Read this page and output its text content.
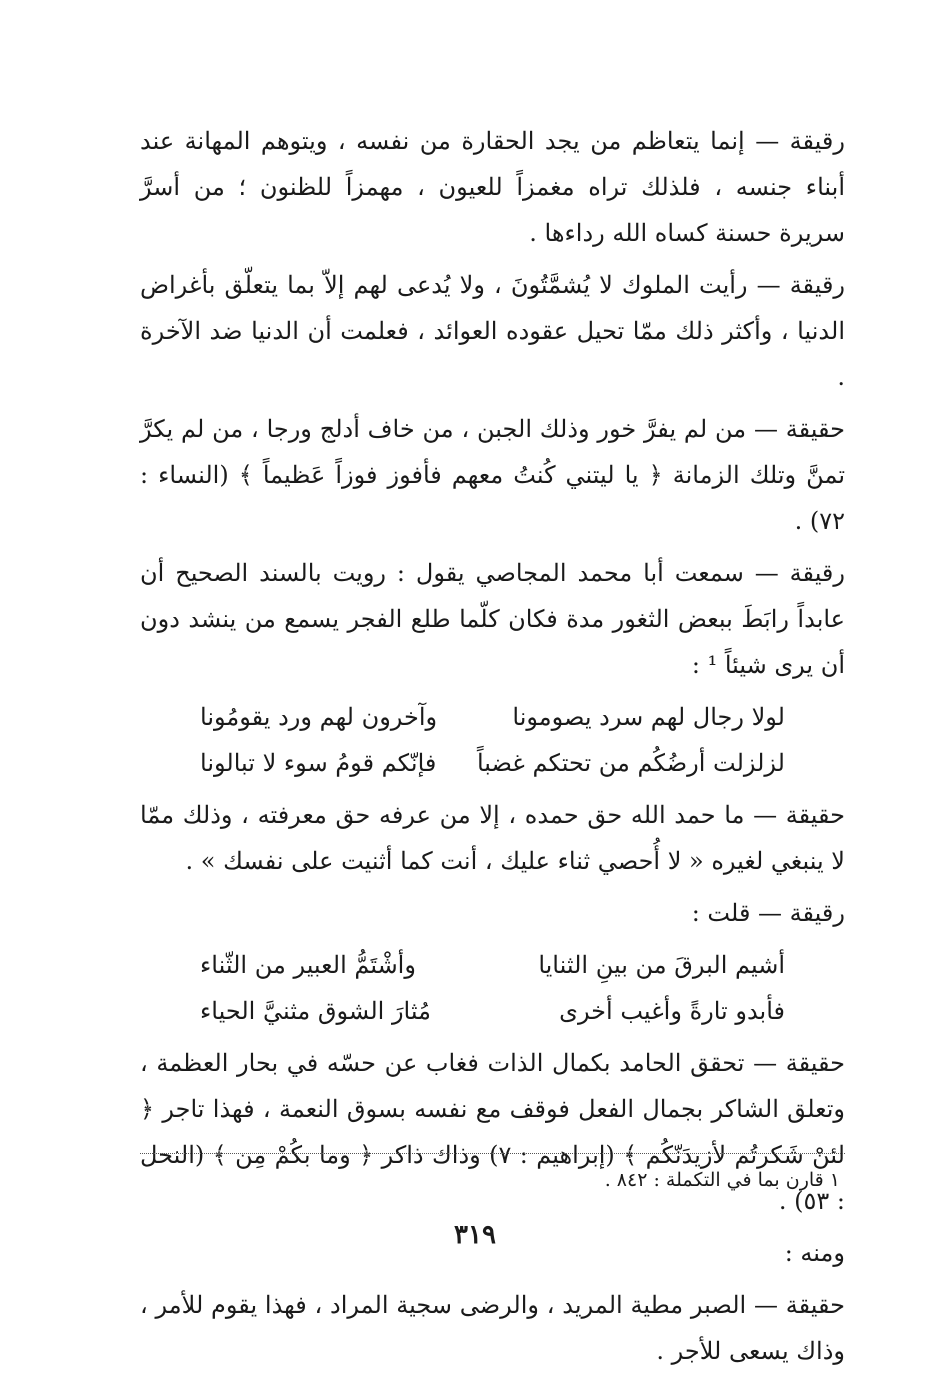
رقيقة — إنما يتعاظم من يجد الحقارة من نفسه ، ويتوهم المهانة عند أبناء جنسه ، فلذلك تراه مغمزاً للعيون ، مهمزاً للظنون ؛ من أسرَّ سريرة حسنة كساه الله رداءها .

رقيقة — رأيت الملوك لا يُشمَّتُونَ ، ولا يُدعى لهم إلاّ بما يتعلّق بأغراض الدنيا ، وأكثر ذلك ممّا تحيل عقوده العوائد ، فعلمت أن الدنيا ضد الآخرة .

حقيقة — من لم يفرَّ خور وذلك الجبن ، من خاف أدلج ورجا ، من لم يكرَّ تمنَّ وتلك الزمانة ﴿ يا ليتني كُنتُ معهم فأفوز فوزاً عَظيماً ﴾ (النساء : ٧٢) .

رقيقة — سمعت أبا محمد المجاصي يقول : رويت بالسند الصحيح أن عابداً رابَطَ ببعض الثغور مدة فكان كلّما طلع الفجر يسمع من ينشد دون أن يرى شيئاً ¹ :

لولا رجال لهم سرد يصومونا
وآخرون لهم ورد يقومُونا
لزلزلت أرضُكُم من تحتكم غضباً
فإنّكم قومُ سوء لا تبالونا

حقيقة — ما حمد الله حق حمده ، إلا من عرفه حق معرفته ، وذلك ممّا لا ينبغي لغيره « لا أُحصي ثناء عليك ، أنت كما أثنيت على نفسك » .

رقيقة — قلت :

أشيم البرقَ من بينِ الثنايا
وأشْتَمُّ العبير من الثّناء
فأبدو تارةً وأغيب أخرى
مُثارَ الشوق مثنيَّ الحياء

حقيقة — تحقق الحامد بكمال الذات فغاب عن حسّه في بحار العظمة ، وتعلق الشاكر بجمال الفعل فوقف مع نفسه بسوق النعمة ، فهذا تاجر ﴿ لئنْ شَكرتُم لأزيدَنّكُم ﴾ (إبراهيم : ٧) وذاك ذاكر ﴿ وما بكُمْ مِن ﴾ (النحل : ٥٣) .

ومنه :

حقيقة — الصبر مطية المريد ، والرضى سجية المراد ، فهذا يقوم للأمر ، وذاك يسعى للأجر .

١ قارن بما في التكملة : ٨٤٢ .
٣١٩
